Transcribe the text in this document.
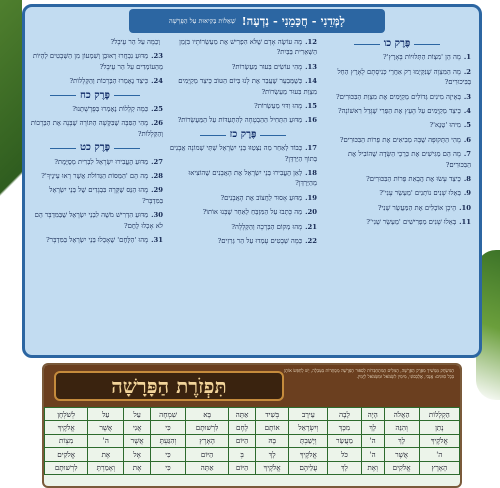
לָמְּדֵנִי - חֲכָּמֵנִי - נַדְעָה!
שְׁאֵלוֹת בְּקִיאוּת עַל הַפָּרָשָׁה
פֶּרֶק כו
1.מָה הֵן 'מִצְוֹת הַתְּלוּיוֹת בָּאָרֶץ'?
2.מָה הַמִּצְוָה שֶׁנִּקְּיְמוּ רַק אַחֲרֵי כְּנִיסָתָם לָאָרֶץ הַחֵל בְּבִּיכוּרִים?
3.בְּאֵיזֶה מִינִים גְּדוֹלִים מְקַיְּמִים אֶת מִצְוַת הַבִּכּוּרִים?
4.כֵּיצַד מְקַיְּמִים עַל הָעֵץ אֶת הַפְּרִי שֶׁגָּדַל רִאשׁוֹנָה?
5.מִיהוּ 'טֶנֶא'?
6.מָהִי הַתְּקוּפָה שֶׁבָּהּ מְבִיאִים אֶת פֵּרוֹת הַבִּכּוּרִים?
7.מָה הֵם מַגִּישִׁים אֶת כַּרְכֵי הַשָּׂדֶה שֶׁהוֹבִיל אֶת הַבִּכּוּרִים?
8.כֵּיצַד עָשׂוּ אֶת הֲבָאַת פֵּרוֹת הַבִּכּוּרִים?
9.בְּאֵלוּ שָׁנִים נוֹתְנִים 'מַעְשֵׂר עָנִי'?
10.הֵיכָן אוֹכְלִים אֶת הַמַּעֲשֵׂר שֵׁנִי?
11.בְּאֵלוּ שָׁנִים מַפְרִישִׁים 'מַעְשֵׂר שֵׁנִי'?
12.מָה עוֹשֶׂה אָדָם שֶׁלֹּא הִפְרִישׁ אֶת מַעַשְׂרוֹתָיו בִּזְמַן הַשְּׁאֵרִית בַּבַּיִת?
13.מָהִי עוֹשִׂים בִּעוּר מַעַשְׂרוֹת?
14.כְּשֶׁמְּבַעֵר שֶׁעֲבַר אֶת לָנוּ בְּיוֹם הַטּוֹב כֵּיצַד מְקַיְּמִים מִצְוַת בִּעוּר מַעַשְׂרוֹת?
15.מָהוּ וִדּוּי מַעַשְׂרוֹת?
16.מַדּוּעַ הִתְּחִיל הַהַבְטָחָה לְהִתְעַדּוֹת עַל הַמַּעֲשֵׂרוֹת?
פֶּרֶק כז
17.כְּבוֹד לְאַחַר מַה נִצְטַוּוּ בְּנֵי יִשְׂרָאֵל שְׁתֵּי שְׁמוֹנָה אֲבָנִים בְּתוֹךְ הַיַּרְדֵּן?
18.לְאַן הֶעֱבִירוּ בְּנֵי יִשְׂרָאֵל אֶת הָאֲבָנִים שֶׁהוֹצִיאוּ מֵהַיַּרְדֵּן?
19.מַדּוּעַ אָסוּר לַחֲצוֹב אֶת הָאֲבָנִים?
20.מַה כָּתְבוּ עַל הַמִּזְבֵּחַ לְאַחַר שֶׁבָּנוּ אוֹתוֹ?
21.מָהוּ מְקוֹם הַבְּרָכָה וְהַקְּלָלָה?
22.כַּמָּה שְׁבָטִים עָמְדוּ עַל הַר גְּרִזִים?
וְכַמָּה עַל הַר עֵיבָל?
23.מַדּוּעַ נִבְחֲרוּ רְאוּבֵן וְשִׁמְעוֹן מִן הַשְּׁבָטִים לְהֵיוֹת מֵהַעוֹמְדִים עַל הַר עֵיבָל?
24.כֵּיצַד נֶאֶמְרוּ הַבְּרָכוֹת וְהַקְּלָלוֹת?
פֶּרֶק כח
25.כַּמָּה קְלָלוֹת נֶאֶמְרוּ בְּפָּרָשָׁתֵנוּ?
26.מָהִי הַסִּבָּה שֶׁבִּקְּשָׁה הַתּוֹרָה שֶׁבָּנָה אֶת הַבְּרָכוֹת וְהַקְּלָלוֹת?
פֶּרֶק כט
27.מַדּוּעַ הֶעֱבִירוּ יִשְׂרָאֵל לִבְרִית מְסֻיֶּמֶת?
28.מָה הֵם 'הַמַּסּוֹת הַגְּדוֹלֹת אֲשֶׁר רָאוּ עֵינֶיךָ'?
29.מָהוּ הַנֵּס שֶׁקָּרָה בִּבְגָדִים שֶׁל בְּנֵי יִשְׂרָאֵל בַּמִּדְבָּר?
30.מַדּוּעַ הִדְרִישׁ מֹשֶׁה לִבְנֵי יִשְׂרָאֵל שֶׁבַּמִּדְבָּר הֵם לֹא אָכְלוּ לֶחֶם?
31.מָהוּ 'הַלֶּחֶם' שֶׁאָכְלוּ בְּנֵי יִשְׂרָאֵל בַּמִּדְבָּר?
תִּפְזֹרֶת הַפָּרָשָׁה
הַמִּשְׂחָק מַמְשִׁיךְ מִפֶּרֶק הַפָּרָשָׁה, הַמִּלִּים הַמִּתְחַבְּרוֹת לְסִפּוּר הַפָּרָשָׁה מְסֻתָּרוֹת בַּטַּבְלָה, יֵשׁ לְחַפֵּשׂ אוֹתָן בְּכָל כִּוּוּנִים: אֲנָכִי, אֲלַכְסוֹנִי, מִימִין לִשְׂמֹאל וּמִשְּׂמֹאל לְיָמִין.
הַקְלָלוֹת	הַאֲלֹה	הָיָה	לָבָה	עֵירָב	בְּשִׁיד	אַתָּה	בָּא	שִׁמְחָה	עַל	עַל	לְשֹׁלְחָן
נָתַן	וְהִנֵּה	לָךְ	מִכָּךְ	וְיִשְׂרָאֵל	אוֹתָם	לֶחֶם	לִרְשׁוּתָם	כִּי	אֲנִי	אֲשֶׁר	אֱלֹקֶיךָ
אֱלֹקֶיךָ	לָךְ	ה'	מַעֲשֵׂר	וְיָשַׁבְתָּ	בָּהּ	הַיּוֹם	הָאָרֶץ	וְהִגַּעְתָּ	אֲשֶׁר	ה'	מִצְוֹת
ה'	אֲשֶׁר	ה'	כֹּל	אֱלֹקֶיךָ	לָךְ	בְּ	הַיּוֹם	כִּי	אֶל	אֶת	אֱלֹקִים
הָאָרֶץ	אֱלֹקִים	וְאֶת	לָךְ	עֲלֵיהֶם	אֱלֹקֶיךָ	הַיּוֹם	אַתָּה	כִּי	אֶת	וְאָמַרְתָּ	לִרְשׁוּתָם
